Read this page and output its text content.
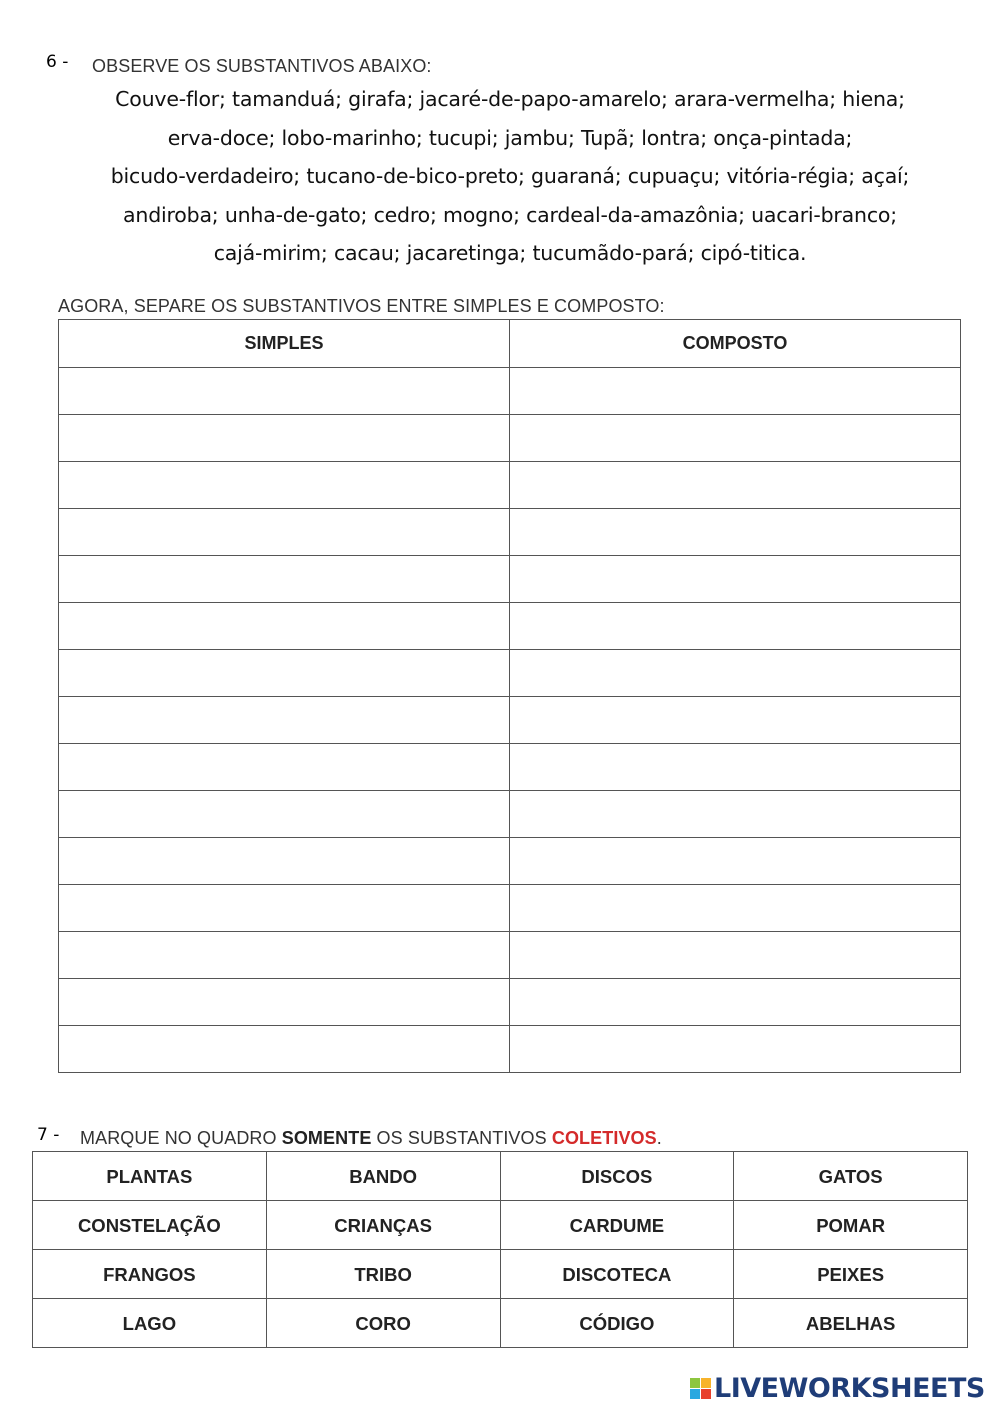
6 - OBSERVE OS SUBSTANTIVOS ABAIXO:
Couve-flor; tamanduá; girafa; jacaré-de-papo-amarelo; arara-vermelha; hiena;
erva-doce; lobo-marinho; tucupi; jambu; Tupã; lontra; onça-pintada;
bicudo-verdadeiro; tucano-de-bico-preto; guaraná; cupuaçu; vitória-régia; açaí;
andiroba; unha-de-gato; cedro; mogno; cardeal-da-amazônia; uacari-branco;
cajá-mirim; cacau; jacaretinga; tucumãdo-pará; cipó-titica.
AGORA, SEPARE OS SUBSTANTIVOS ENTRE SIMPLES E COMPOSTO:
SIMPLES	COMPOSTO

7 - MARQUE NO QUADRO SOMENTE OS SUBSTANTIVOS COLETIVOS.
PLANTAS	BANDO	DISCOS	GATOS
CONSTELAÇÃO	CRIANÇAS	CARDUME	POMAR
FRANGOS	TRIBO	DISCOTECA	PEIXES
LAGO	CORO	CÓDIGO	ABELHAS
LIVEWORKSHEETS
